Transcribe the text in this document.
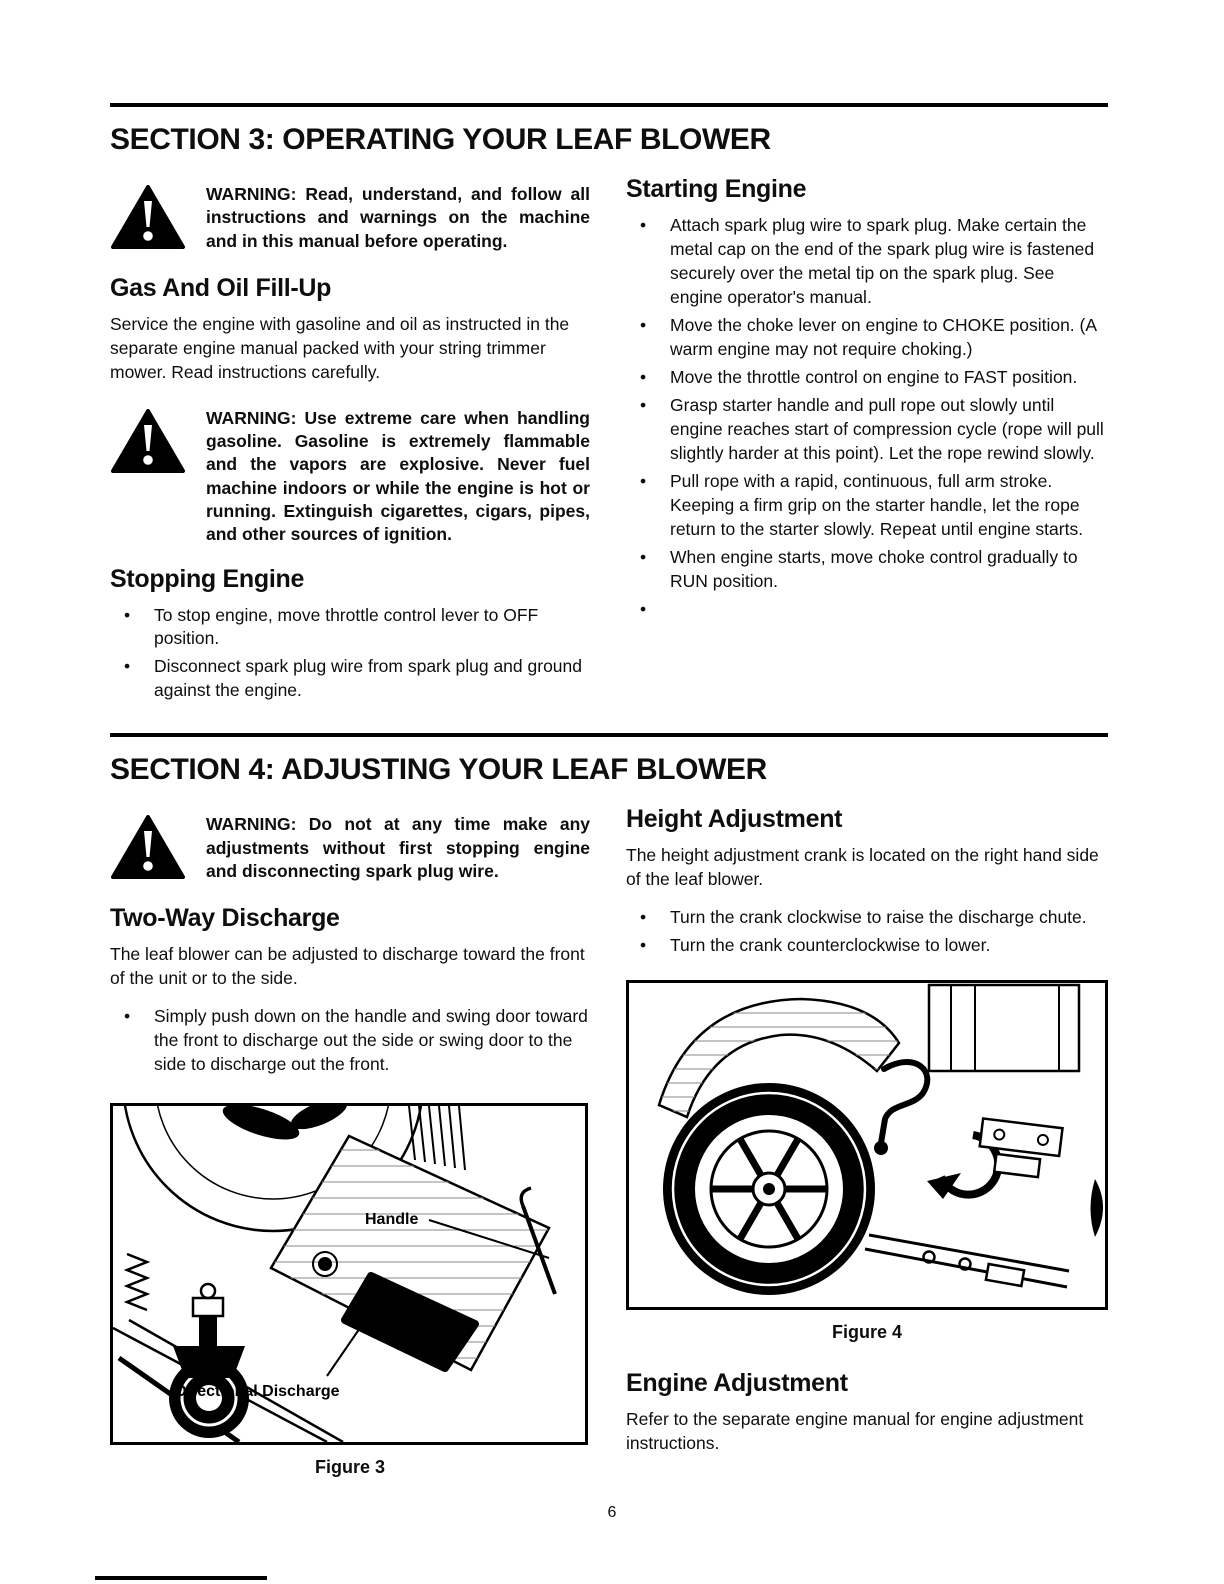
SECTION 3: OPERATING YOUR LEAF BLOWER
WARNING: Read, understand, and follow all instructions and warnings on the machine and in this manual before operating.
Gas And Oil Fill-Up

Service the engine with gasoline and oil as instructed in the separate engine manual packed with your string trimmer mower. Read instructions carefully.

WARNING: Use extreme care when handling gasoline. Gasoline is extremely flammable and the vapors are explosive. Never fuel machine indoors or while the engine is hot or running. Extinguish cigarettes, cigars, pipes, and other sources of ignition.
Stopping Engine
• To stop engine, move throttle control lever to OFF position.
• Disconnect spark plug wire from spark plug and ground against the engine.
Starting Engine
• Attach spark plug wire to spark plug. Make certain the metal cap on the end of the spark plug wire is fastened securely over the metal tip on the spark plug. See engine operator's manual.
• Move the choke lever on engine to CHOKE position. (A warm engine may not require choking.)
• Move the throttle control on engine to FAST position.
• Grasp starter handle and pull rope out slowly until engine reaches start of compression cycle (rope will pull slightly harder at this point). Let the rope rewind slowly.
• Pull rope with a rapid, continuous, full arm stroke. Keeping a firm grip on the starter handle, let the rope return to the starter slowly. Repeat until engine starts.
• When engine starts, move choke control gradually to RUN position.
•
SECTION 4: ADJUSTING YOUR LEAF BLOWER
WARNING: Do not at any time make any adjustments without first stopping engine and disconnecting spark plug wire.
Two-Way Discharge

The leaf blower can be adjusted to discharge toward the front of the unit or to the side.

• Simply push down on the handle and swing door toward the front to discharge out the side or swing door to the side to discharge out the front.
Handle
Directional Discharge
Figure 3
Height Adjustment

The height adjustment crank is located on the right hand side of the leaf blower.

• Turn the crank clockwise to raise the discharge chute.
• Turn the crank counterclockwise to lower.
Figure 4
Engine Adjustment

Refer to the separate engine manual for engine adjustment instructions.

6
